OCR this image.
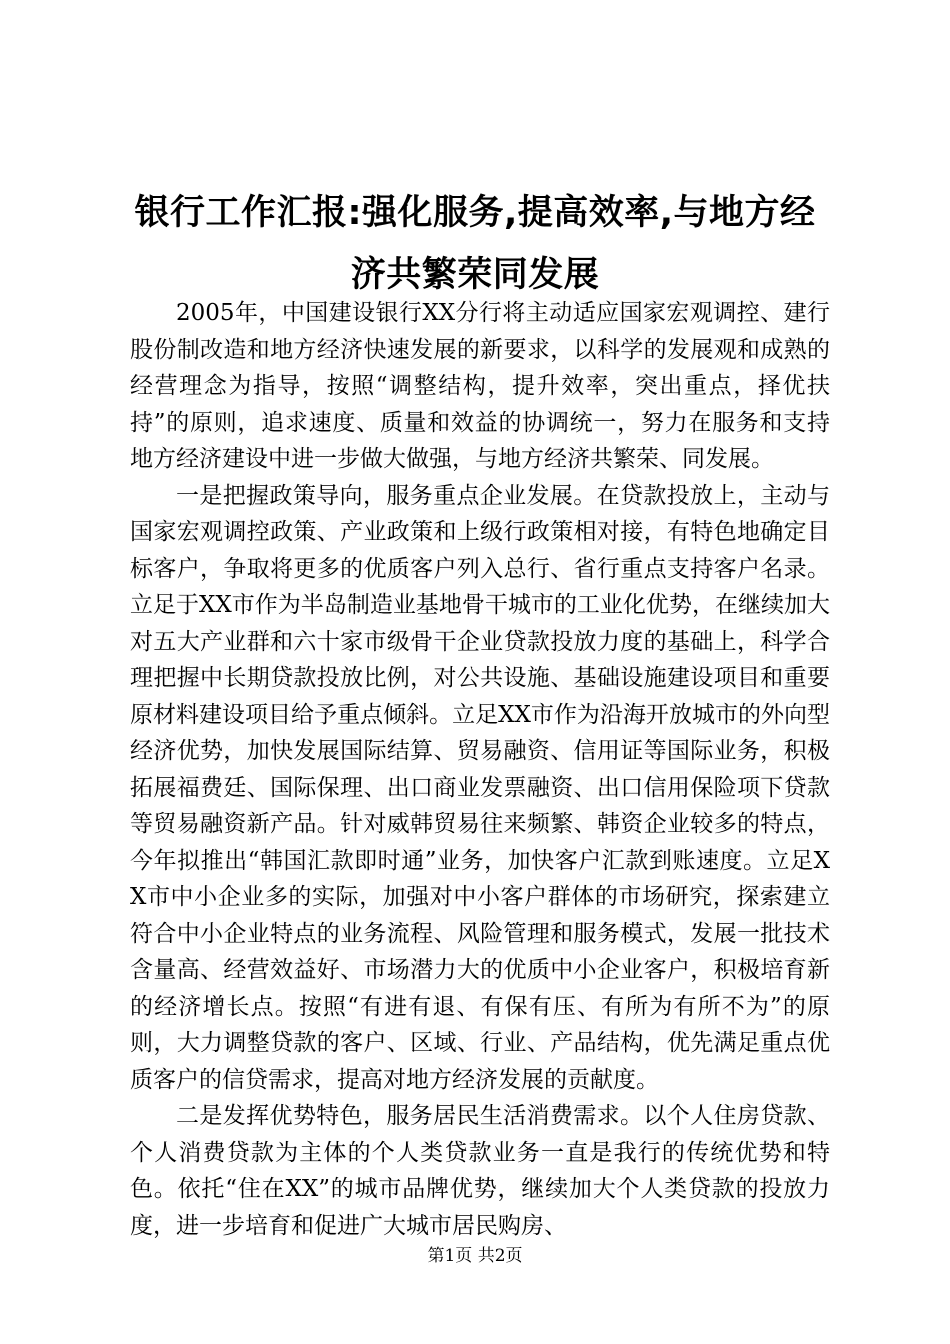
银行工作汇报:强化服务,提高效率,与地方经
济共繁荣同发展

2005年，中国建设银行XX分行将主动适应国家宏观调控、建行股份制改造和地方经济快速发展的新要求，以科学的发展观和成熟的经营理念为指导，按照“调整结构，提升效率，突出重点，择优扶持”的原则，追求速度、质量和效益的协调统一，努力在服务和支持地方经济建设中进一步做大做强，与地方经济共繁荣、同发展。

一是把握政策导向，服务重点企业发展。在贷款投放上，主动与国家宏观调控政策、产业政策和上级行政策相对接，有特色地确定目标客户，争取将更多的优质客户列入总行、省行重点支持客户名录。立足于XX市作为半岛制造业基地骨干城市的工业化优势，在继续加大对五大产业群和六十家市级骨干企业贷款投放力度的基础上，科学合理把握中长期贷款投放比例，对公共设施、基础设施建设项目和重要原材料建设项目给予重点倾斜。立足XX市作为沿海开放城市的外向型经济优势，加快发展国际结算、贸易融资、信用证等国际业务，积极拓展福费廷、国际保理、出口商业发票融资、出口信用保险项下贷款等贸易融资新产品。针对威韩贸易往来频繁、韩资企业较多的特点，今年拟推出“韩国汇款即时通”业务，加快客户汇款到账速度。立足XX市中小企业多的实际，加强对中小客户群体的市场研究，探索建立符合中小企业特点的业务流程、风险管理和服务模式，发展一批技术含量高、经营效益好、市场潜力大的优质中小企业客户，积极培育新的经济增长点。按照“有进有退、有保有压、有所为有所不为”的原则，大力调整贷款的客户、区域、行业、产品结构，优先满足重点优质客户的信贷需求，提高对地方经济发展的贡献度。

二是发挥优势特色，服务居民生活消费需求。以个人住房贷款、个人消费贷款为主体的个人类贷款业务一直是我行的传统优势和特色。依托“住在XX”的城市品牌优势，继续加大个人类贷款的投放力度，进一步培育和促进广大城市居民购房、

第1页 共2页
